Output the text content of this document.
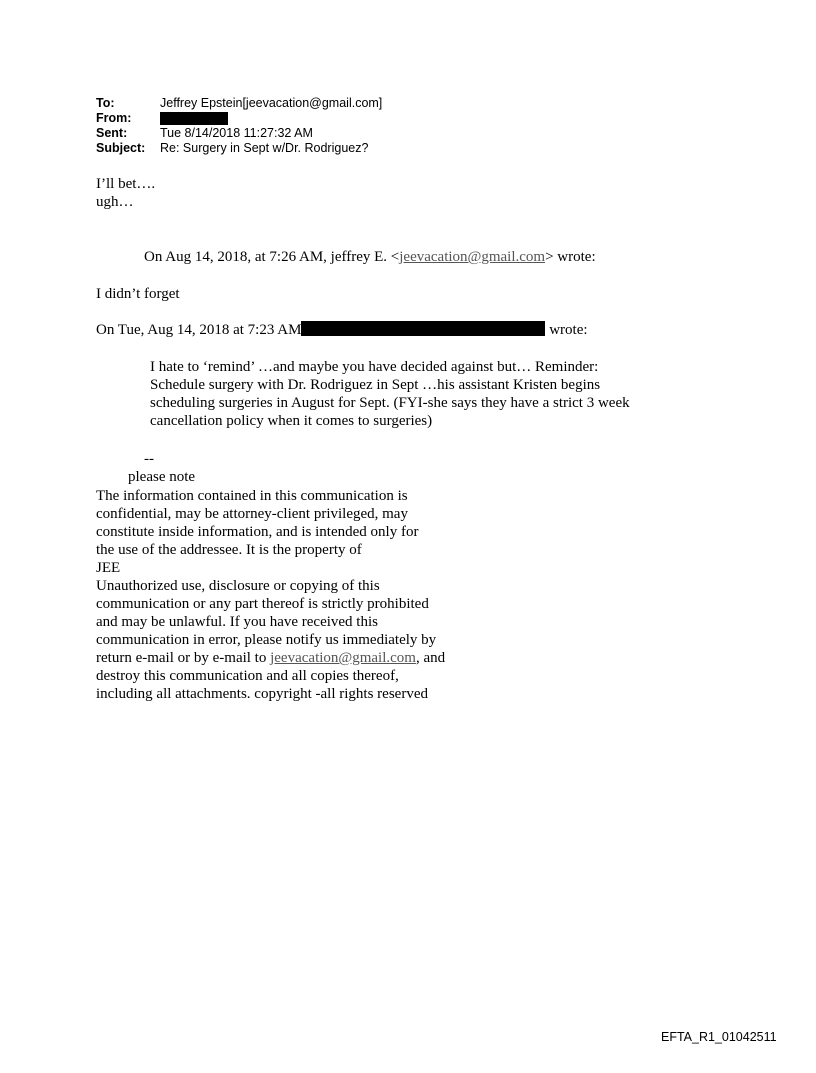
To:	Jeffrey Epstein[jeevacation@gmail.com]
From:
Sent:	Tue 8/14/2018 11:27:32 AM
Subject:	Re: Surgery in Sept w/Dr. Rodriguez?
I’ll bet….
ugh…
On Aug 14, 2018, at 7:26 AM, jeffrey E. <jeevacation@gmail.com> wrote:
I didn’t forget
On Tue, Aug 14, 2018 at 7:23 AM	wrote:
I hate to ‘remind’ …and maybe you have decided against but… Reminder:
Schedule surgery with Dr. Rodriguez in Sept …his assistant Kristen begins
scheduling surgeries in August for Sept. (FYI-she says they have a strict 3 week
cancellation policy when it comes to surgeries)
--
please note
The information contained in this communication is
confidential, may be attorney-client privileged, may
constitute inside information, and is intended only for
the use of the addressee. It is the property of
JEE
Unauthorized use, disclosure or copying of this
communication or any part thereof is strictly prohibited
and may be unlawful. If you have received this
communication in error, please notify us immediately by
return e-mail or by e-mail to jeevacation@gmail.com, and
destroy this communication and all copies thereof,
including all attachments. copyright -all rights reserved
EFTA_R1_01042511
